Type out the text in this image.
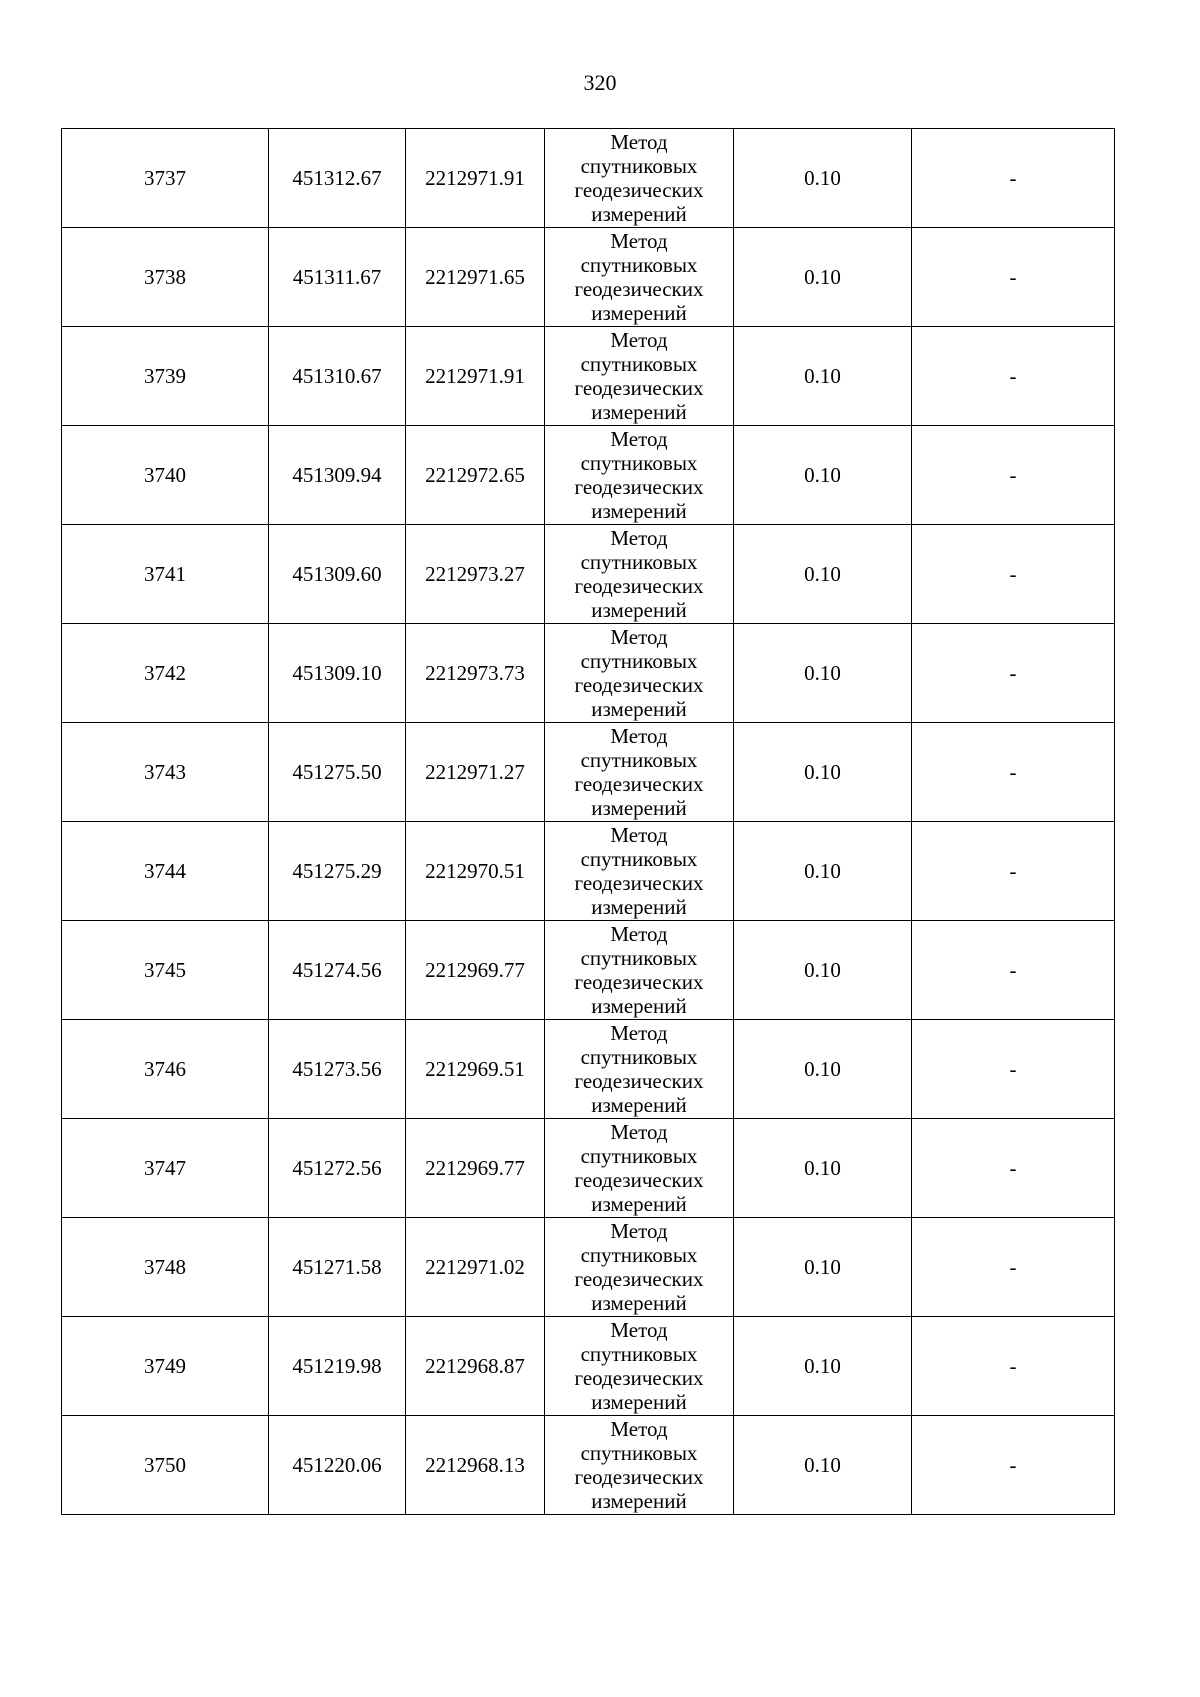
320
3737	451312.67	2212971.91	Метод
спутниковых
геодезических
измерений	0.10	-
3738	451311.67	2212971.65	Метод
спутниковых
геодезических
измерений	0.10	-
3739	451310.67	2212971.91	Метод
спутниковых
геодезических
измерений	0.10	-
3740	451309.94	2212972.65	Метод
спутниковых
геодезических
измерений	0.10	-
3741	451309.60	2212973.27	Метод
спутниковых
геодезических
измерений	0.10	-
3742	451309.10	2212973.73	Метод
спутниковых
геодезических
измерений	0.10	-
3743	451275.50	2212971.27	Метод
спутниковых
геодезических
измерений	0.10	-
3744	451275.29	2212970.51	Метод
спутниковых
геодезических
измерений	0.10	-
3745	451274.56	2212969.77	Метод
спутниковых
геодезических
измерений	0.10	-
3746	451273.56	2212969.51	Метод
спутниковых
геодезических
измерений	0.10	-
3747	451272.56	2212969.77	Метод
спутниковых
геодезических
измерений	0.10	-
3748	451271.58	2212971.02	Метод
спутниковых
геодезических
измерений	0.10	-
3749	451219.98	2212968.87	Метод
спутниковых
геодезических
измерений	0.10	-
3750	451220.06	2212968.13	Метод
спутниковых
геодезических
измерений	0.10	-
